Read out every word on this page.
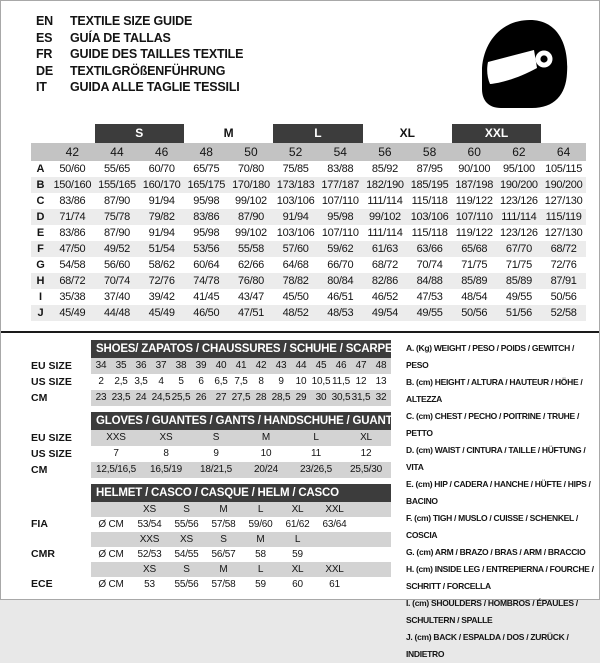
EN	TEXTILE SIZE GUIDE
ES	GUÍA DE TALLAS
FR	GUIDE DES TAILLES TEXTILE
DE	TEXTILGRÖßENFÜHRUNG
IT	GUIDA ALLE TAGLIE TESSILI
		S		M		L		XL		XXL		
	42	44	46	48	50	52	54	56	58	60	62	64
A	50/60	55/65	60/70	65/75	70/80	75/85	83/88	85/92	87/95	90/100	95/100	105/115
B	150/160	155/165	160/170	165/175	170/180	173/183	177/187	182/190	185/195	187/198	190/200	190/200
C	83/86	87/90	91/94	95/98	99/102	103/106	107/110	111/114	115/118	119/122	123/126	127/130
D	71/74	75/78	79/82	83/86	87/90	91/94	95/98	99/102	103/106	107/110	111/114	115/119
E	83/86	87/90	91/94	95/98	99/102	103/106	107/110	111/114	115/118	119/122	123/126	127/130
F	47/50	49/52	51/54	53/56	55/58	57/60	59/62	61/63	63/66	65/68	67/70	68/72
G	54/58	56/60	58/62	60/64	62/66	64/68	66/70	68/72	70/74	71/75	71/75	72/76
H	68/72	70/74	72/76	74/78	76/80	78/82	80/84	82/86	84/88	85/89	85/89	87/91
I	35/38	37/40	39/42	41/45	43/47	45/50	46/51	46/52	47/53	48/54	49/55	50/56
J	45/49	44/48	45/49	46/50	47/51	48/52	48/53	49/54	49/55	50/56	51/56	52/58
	SHOES/ ZAPATOS / CHAUSSURES / SCHUHE / SCARPE														
EU SIZE	34	35	36	37	38	39	40	41	42	43	44	45	46	47	48
US SIZE	2	2,5	3,5	4	5	6	6,5	7,5	8	9	10	10,5	11,5	12	13
CM	23	23,5	24	24,5	25,5	26	27	27,5	28	28,5	29	30	30,5	31,5	32
	GLOVES / GUANTES / GANTS / HANDSCHUHE / GUANTI					
EU SIZE	XXS	XS	S	M	L	XL
US SIZE	7	8	9	10	11	12
CM	12,5/16,5	16,5/19	18/21,5	20/24	23/26,5	25,5/30
	HELMET / CASCO / CASQUE / HELM / CASCO							
		XS	S	M	L	XL	XXL	
FIA	Ø CM	53/54	55/56	57/58	59/60	61/62	63/64	
		XXS	XS	S	M	L		
CMR	Ø CM	52/53	54/55	56/57	58	59		
		XS	S	M	L	XL	XXL	
ECE	Ø CM	53	55/56	57/58	59	60	61	
A. (Kg) WEIGHT / PESO / POIDS / GEWITCH / PESO
B. (cm) HEIGHT / ALTURA / HAUTEUR / HÖHE / ALTEZZA
C. (cm) CHEST / PECHO / POITRINE / TRUHE / PETTO
D. (cm) WAIST / CINTURA / TAILLE / HÜFTUNG / VITA
E. (cm) HIP / CADERA / HANCHE / HÜFTE / HIPS / BACINO
F. (cm) TIGH / MUSLO / CUISSE / SCHENKEL / COSCIA
G. (cm) ARM / BRAZO / BRAS / ARM / BRACCIO
H. (cm) INSIDE LEG / ENTREPIERNA / FOURCHE / SCHRITT / FORCELLA
I. (cm) SHOULDERS / HOMBROS / ÉPAULES / SCHULTERN / SPALLE
J. (cm) BACK / ESPALDA / DOS / ZURÜCK / INDIETRO
